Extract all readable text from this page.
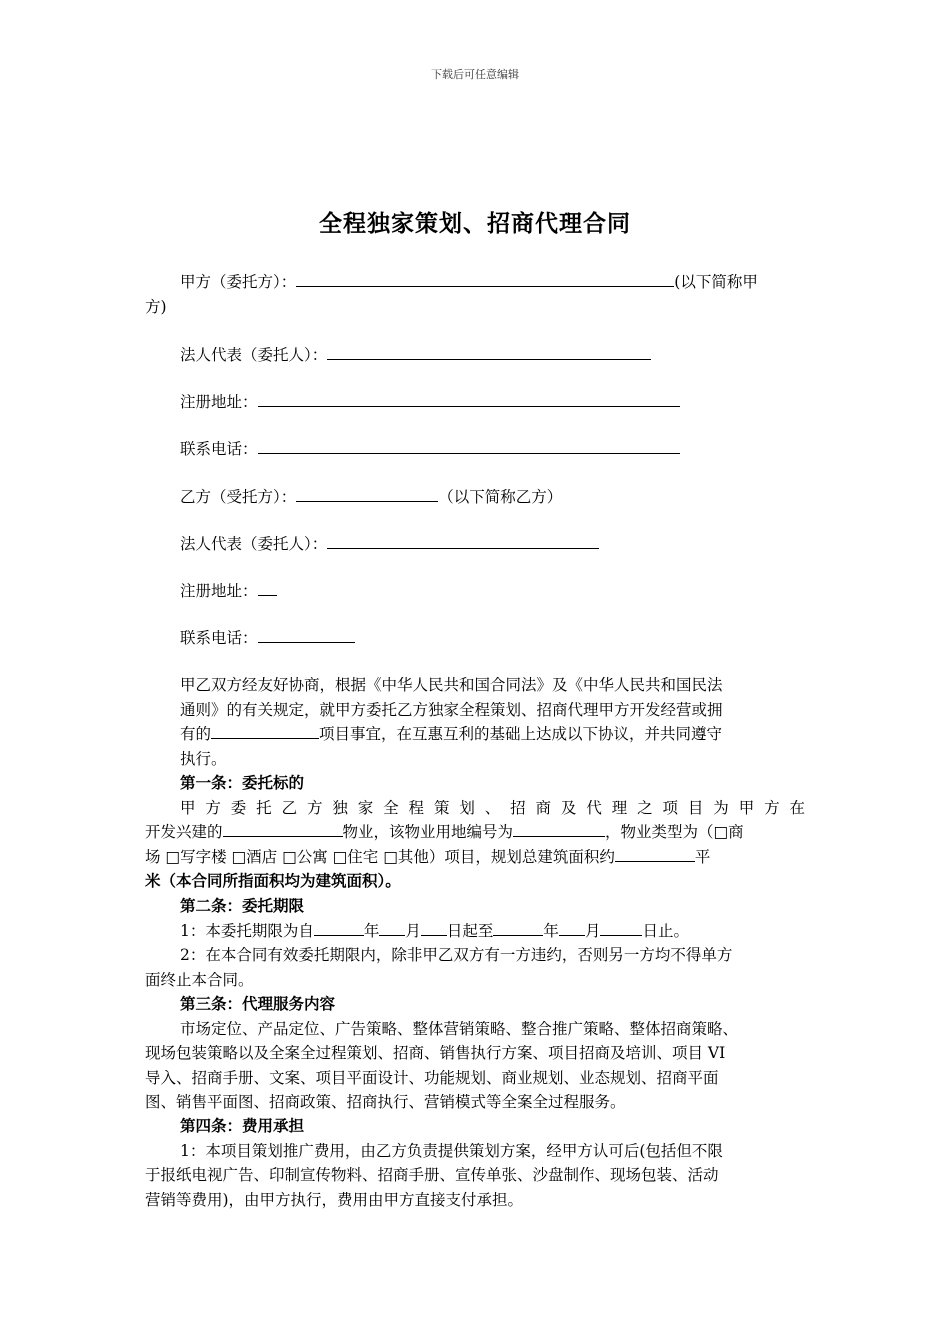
下载后可任意编辑
全程独家策划、招商代理合同
甲方（委托方）：	(以下简称甲
方)
法人代表（委托人）：
注册地址：
联系电话：
乙方（受托方）：	（以下简称乙方）
法人代表（委托人）：
注册地址：
联系电话：
甲乙双方经友好协商，根据《中华人民共和国合同法》及《中华人民共和国民法
通则》的有关规定，就甲方委托乙方独家全程策划、招商代理甲方开发经营或拥
有的	项目事宜，在互惠互利的基础上达成以下协议，并共同遵守
执行。
第一条：委托标的
甲方委托乙方独家全程策划、招商及代理之项目为甲方在
开发兴建的	物业，该物业用地编号为	，物业类型为（□商
场 □写字楼 □酒店 □公寓 □住宅 □其他）项目，规划总建筑面积约	平
米（本合同所指面积均为建筑面积）。
第二条：委托期限
1：本委托期限为自	年 月 日起至	年 月	日止。
2：在本合同有效委托期限内，除非甲乙双方有一方违约，否则另一方均不得单方
面终止本合同。
第三条：代理服务内容
市场定位、产品定位、广告策略、整体营销策略、整合推广策略、整体招商策略、
现场包装策略以及全案全过程策划、招商、销售执行方案、项目招商及培训、项目 VI
导入、招商手册、文案、项目平面设计、功能规划、商业规划、业态规划、招商平面
图、销售平面图、招商政策、招商执行、营销模式等全案全过程服务。
第四条：费用承担
1：本项目策划推广费用，由乙方负责提供策划方案，经甲方认可后(包括但不限
于报纸电视广告、印制宣传物料、招商手册、宣传单张、沙盘制作、现场包装、活动
营销等费用)，由甲方执行，费用由甲方直接支付承担。
